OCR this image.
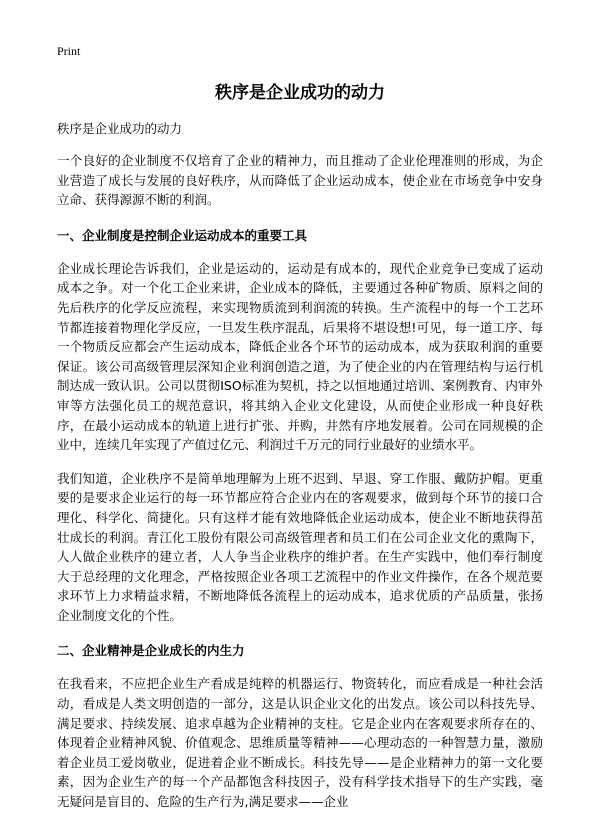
Print
秩序是企业成功的动力

秩序是企业成功的动力

一个良好的企业制度不仅培育了企业的精神力，而且推动了企业伦理准则的形成，为企业营造了成长与发展的良好秩序，从而降低了企业运动成本，使企业在市场竞争中安身立命、获得源源不断的利润。

一、企业制度是控制企业运动成本的重要工具

企业成长理论告诉我们，企业是运动的，运动是有成本的，现代企业竞争已变成了运动成本之争。对一个化工企业来讲，企业成本的降低，主要通过各种矿物质、原料之间的先后秩序的化学反应流程，来实现物质流到利润流的转换。生产流程中的每一个工艺环节都连接着物理化学反应，一旦发生秩序混乱，后果将不堪设想!可见，每一道工序、每一个物质反应都会产生运动成本，降低企业各个环节的运动成本，成为获取利润的重要保证。该公司高级管理层深知企业利润创造之道，为了使企业的内在管理结构与运行机制达成一致认识。公司以贯彻ISO标准为契机，持之以恒地通过培训、案例教育、内审外审等方法强化员工的规范意识，将其纳入企业文化建设，从而使企业形成一种良好秩序，在最小运动成本的轨道上进行扩张、并购，井然有序地发展着。公司在同规模的企业中，连续几年实现了产值过亿元、利润过千万元的同行业最好的业绩水平。

我们知道，企业秩序不是简单地理解为上班不迟到、早退、穿工作服、戴防护帽。更重要的是要求企业运行的每一环节都应符合企业内在的客观要求，做到每个环节的接口合理化、科学化、简捷化。只有这样才能有效地降低企业运动成本，使企业不断地获得茁壮成长的利润。青江化工股份有限公司高级管理者和员工们在公司企业文化的熏陶下，人人做企业秩序的建立者，人人争当企业秩序的维护者。在生产实践中，他们奉行制度大于总经理的文化理念，严格按照企业各项工艺流程中的作业文件操作，在各个规范要求环节上力求精益求精，不断地降低各流程上的运动成本，追求优质的产品质量，张扬企业制度文化的个性。

二、企业精神是企业成长的内生力

在我看来，不应把企业生产看成是纯粹的机器运行、物资转化，而应看成是一种社会活动，看成是人类文明创造的一部分，这是认识企业文化的出发点。该公司以科技先导、满足要求、持续发展、追求卓越为企业精神的支柱。它是企业内在客观要求所存在的、体现着企业精神风貌、价值观念、思维质量等精神——心理动态的一种智慧力量，激励着企业员工爱岗敬业，促进着企业不断成长。科技先导——是企业精神力的第一文化要素，因为企业生产的每一个产品都饱含科技因子，没有科学技术指导下的生产实践，毫无疑问是盲目的、危险的生产行为,满足要求——企业
